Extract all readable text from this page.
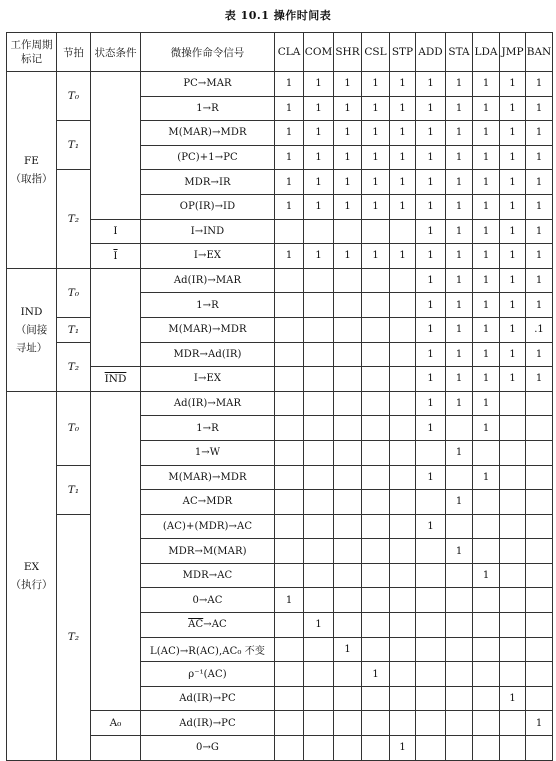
表 10.1 操作时间表
工作周期标记	节拍	状态条件	微操作命令信号	CLA	COM	SHR	CSL	STP	ADD	STA	LDA	JMP	BAN
FE
（取指）	T₀		PC→MAR	1	1	1	1	1	1	1	1	1	1
			1→R	1	1	1	1	1	1	1	1	1	1
	T₁		M(MAR)→MDR	1	1	1	1	1	1	1	1	1	1
			(PC)+1→PC	1	1	1	1	1	1	1	1	1	1
	T₂		MDR→IR	1	1	1	1	1	1	1	1	1	1
			OP(IR)→ID	1	1	1	1	1	1	1	1	1	1
		I	I→IND						1	1	1	1	1
		$\overline{I}$	I→EX	1	1	1	1	1	1	1	1	1	1
IND
（间接
寻址）	T₀		Ad(IR)→MAR						1	1	1	1	1
			1→R						1	1	1	1	1
	T₁		M(MAR)→MDR						1	1	1	1	.1
	T₂		MDR→Ad(IR)						1	1	1	1	1
		$\overline{IND}$	I→EX						1	1	1	1	1
EX
（执行）	T₀		Ad(IR)→MAR						1	1	1		
			1→R						1		1		
			1→W							1			
	T₁		M(MAR)→MDR						1		1		
			AC→MDR							1			
	T₂		(AC)+(MDR)→AC						1				
			MDR→M(MAR)							1			
			MDR→AC								1		
			0→AC	1									
			$\overline{AC}\to AC$		1								
			L(AC)→R(AC),AC₀ 不变			1							
			ρ⁻¹(AC)				1						
			Ad(IR)→PC									1	
		A₀	Ad(IR)→PC										1
			0→G					1					
